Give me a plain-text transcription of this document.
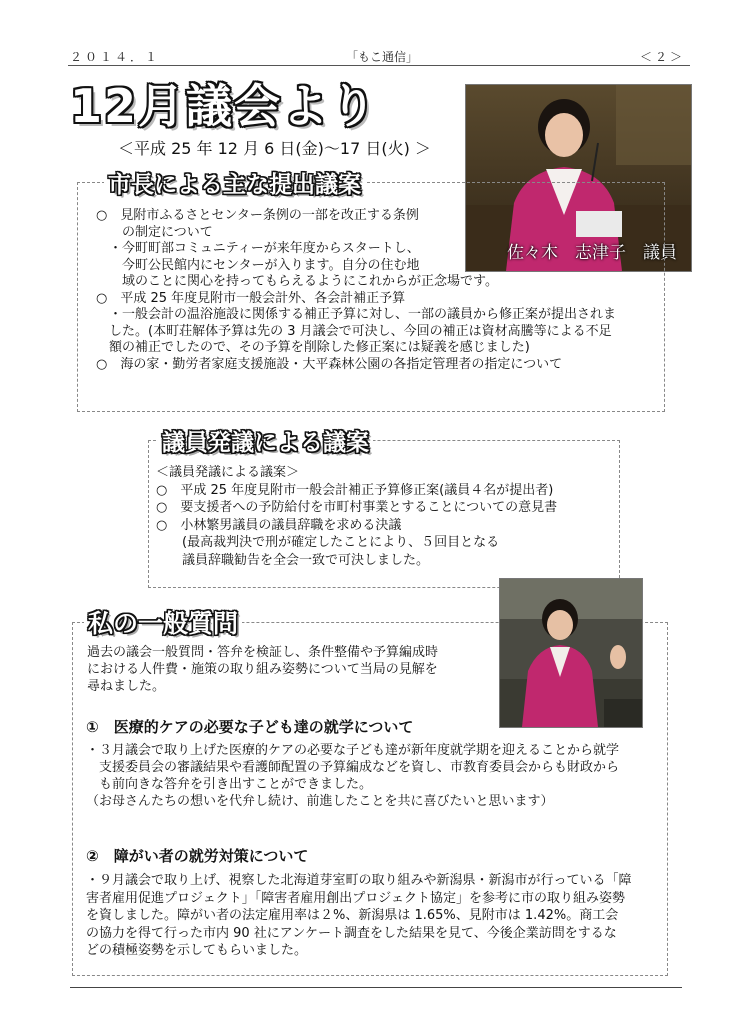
２０１４．１	「もこ通信」	＜２＞
12月議会より
＜平成 25 年 12 月 6 日(金)～17 日(火) ＞
佐々木　志津子　議員
市長による主な提出議案
○　見附市ふるさとセンター条例の一部を改正する条例
　　の制定について
　・今町町部コミュニティーが来年度からスタートし、
　　今町公民館内にセンターが入ります。自分の住む地
　　域のことに関心を持ってもらえるようにこれからが正念場です。
○　平成 25 年度見附市一般会計外、各会計補正予算
　・一般会計の温浴施設に関係する補正予算に対し、一部の議員から修正案が提出されま
　した。(本町荘解体予算は先の 3 月議会で可決し、今回の補正は資材高騰等による不足
　額の補正でしたので、その予算を削除した修正案には疑義を感じました)
○　海の家・勤労者家庭支援施設・大平森林公園の各指定管理者の指定について
議員発議による議案
＜議員発議による議案＞
○　平成 25 年度見附市一般会計補正予算修正案(議員４名が提出者)
○　要支援者への予防給付を市町村事業とすることについての意見書
○　小林繁男議員の議員辞職を求める決議
　　(最高裁判決で刑が確定したことにより、５回目となる
　　議員辞職勧告を全会一致で可決しました。
私の一般質問
過去の議会一般質問・答弁を検証し、条件整備や予算編成時
における人件費・施策の取り組み姿勢について当局の見解を
尋ねました。
①　医療的ケアの必要な子ども達の就学について
・３月議会で取り上げた医療的ケアの必要な子ども達が新年度就学期を迎えることから就学
　支援委員会の審議結果や看護師配置の予算編成などを資し、市教育委員会からも財政から
　も前向きな答弁を引き出すことができました。
（お母さんたちの想いを代弁し続け、前進したことを共に喜びたいと思います）
②　障がい者の就労対策について
・９月議会で取り上げ、視察した北海道芽室町の取り組みや新潟県・新潟市が行っている「障
害者雇用促進プロジェクト」「障害者雇用創出プロジェクト協定」を参考に市の取り組み姿勢
を資しました。障がい者の法定雇用率は２%、新潟県は 1.65%、見附市は 1.42%。商工会
の協力を得て行った市内 90 社にアンケート調査をした結果を見て、今後企業訪問をするな
どの積極姿勢を示してもらいました。
